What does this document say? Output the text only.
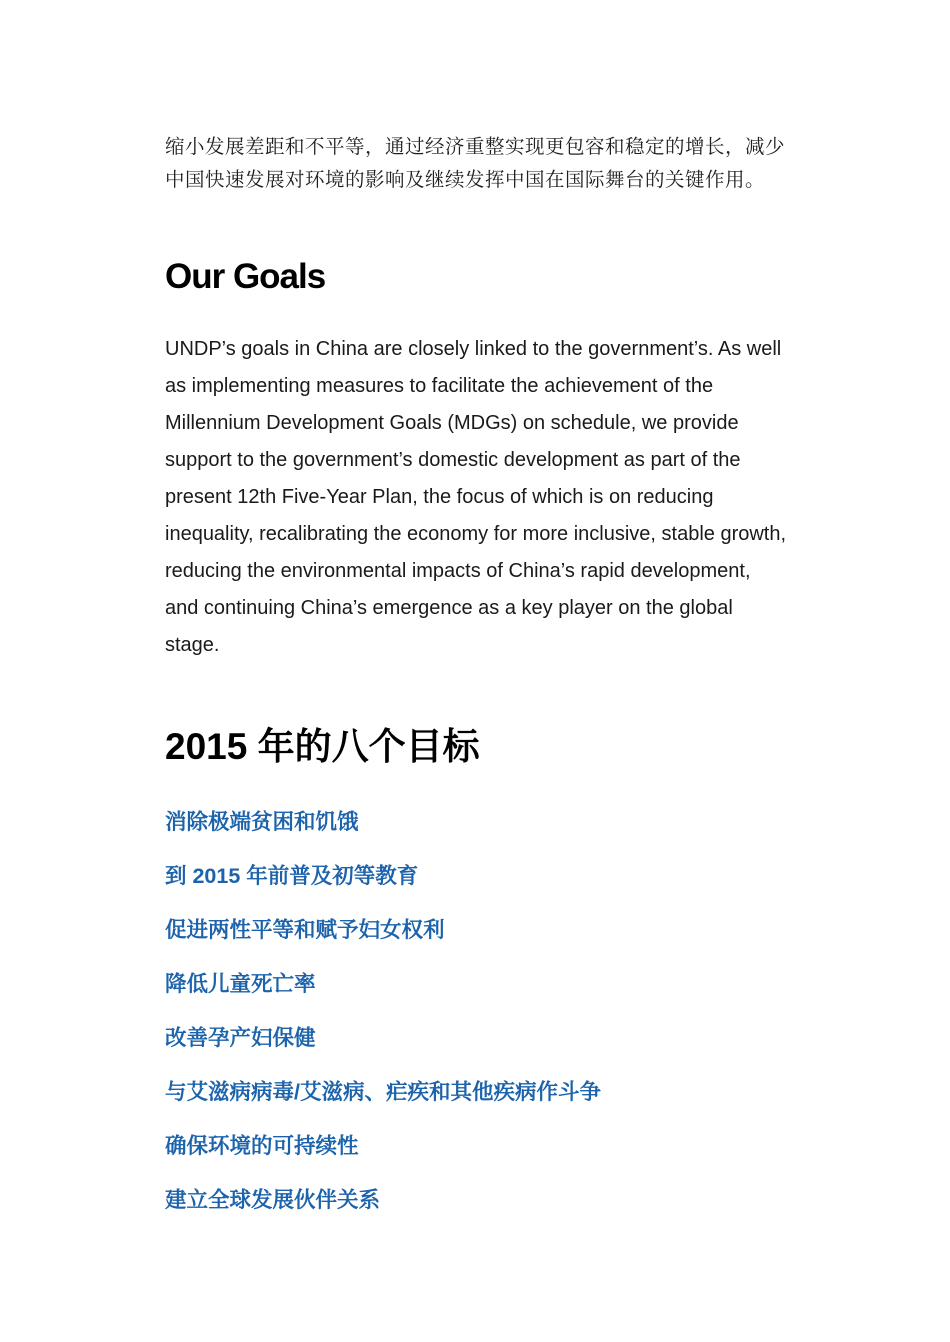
缩小发展差距和不平等，通过经济重整实现更包容和稳定的增长，减少中国快速发展对环境的影响及继续发挥中国在国际舞台的关键作用。

Our Goals

UNDP’s goals in China are closely linked to the government’s. As well as implementing measures to facilitate the achievement of the Millennium Development Goals (MDGs) on schedule, we provide support to the government’s domestic development as part of the present 12th Five-Year Plan, the focus of which is on reducing inequality, recalibrating the economy for more inclusive, stable growth, reducing the environmental impacts of China’s rapid development, and continuing China’s emergence as a key player on the global stage.

2015 年的八个目标
消除极端贫困和饥饿
到 2015 年前普及初等教育
促进两性平等和赋予妇女权利
降低儿童死亡率
改善孕产妇保健
与艾滋病病毒/艾滋病、疟疾和其他疾病作斗争
确保环境的可持续性
建立全球发展伙伴关系
